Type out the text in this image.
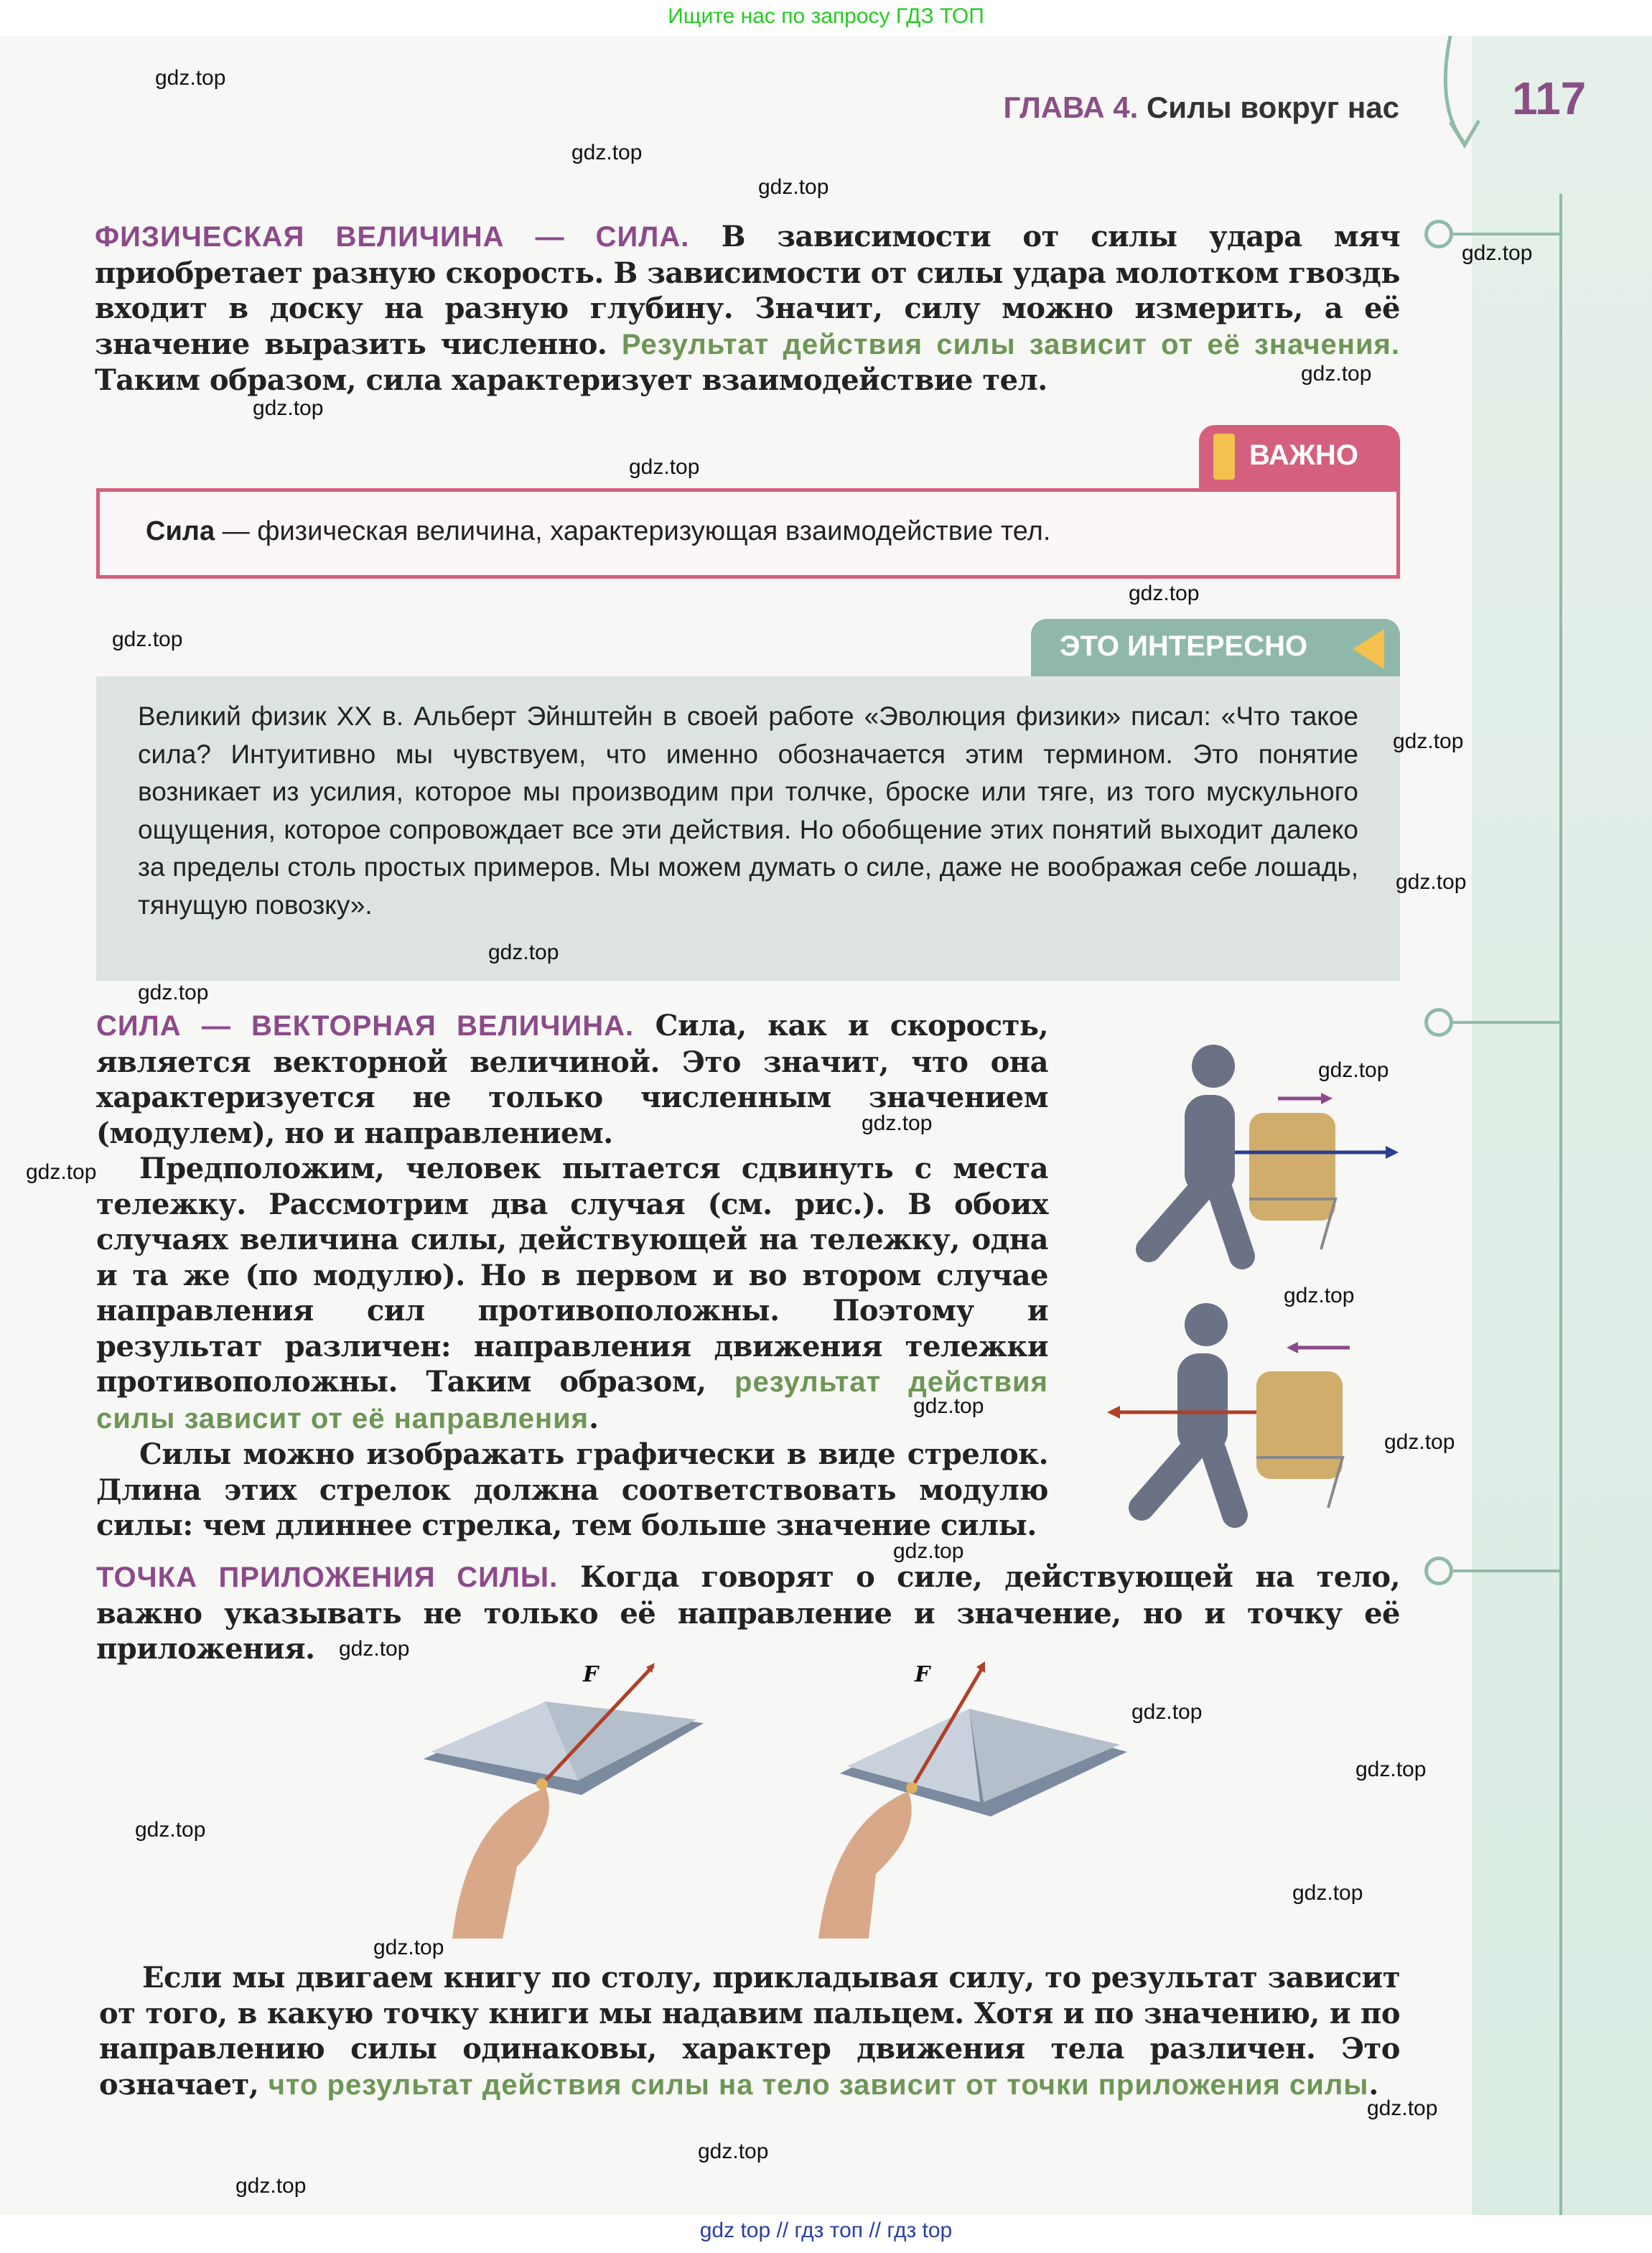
Ищите нас по запросу ГДЗ ТОП
ГЛАВА 4. Силы вокруг нас 117
ФИЗИЧЕСКАЯ ВЕЛИЧИНА — СИЛА. В зависимости от силы удара мяч приобретает разную скорость. В зависимости от силы удара молотком гвоздь входит в доску на разную глубину. Значит, силу можно измерить, а её значение выразить численно. Результат действия силы зависит от её значения. Таким образом, сила характеризует взаимодействие тел.
ВАЖНО
Сила — физическая величина, характеризующая взаимодействие тел.
ЭТО ИНТЕРЕСНО
Великий физик XX в. Альберт Эйнштейн в своей работе «Эволюция физики» писал: «Что такое сила? Интуитивно мы чувствуем, что именно обозначается этим термином. Это понятие возникает из усилия, которое мы производим при толчке, броске или тяге, из того мускульного ощущения, которое сопровождает все эти действия. Но обобщение этих понятий выходит далеко за пределы столь простых примеров. Мы можем думать о силе, даже не воображая себе лошадь, тянущую повозку».
СИЛА — ВЕКТОРНАЯ ВЕЛИЧИНА. Сила, как и скорость, является векторной величиной. Это значит, что она характеризуется не только численным значением (модулем), но и направлением.
Предположим, человек пытается сдвинуть с места тележку. Рассмотрим два случая (см. рис.). В обоих случаях величина силы, действующей на тележку, одна и та же (по модулю). Но в первом и во втором случае направления сил противоположны. Поэтому и результат различен: направления движения тележки противоположны. Таким образом, результат действия силы зависит от её направления.
Силы можно изображать графически в виде стрелок. Длина этих стрелок должна соответствовать модулю силы: чем длиннее стрелка, тем больше значение силы.
ТОЧКА ПРИЛОЖЕНИЯ СИЛЫ. Когда говорят о силе, действующей на тело, важно указывать не только её направление и значение, но и точку её приложения.
F	F
Если мы двигаем книгу по столу, прикладывая силу, то результат зависит от того, в какую точку книги мы надавим пальцем. Хотя и по значению, и по направлению силы одинаковы, характер движения тела различен. Это означает, что результат действия силы на тело зависит от точки приложения силы.
gdz.top
gdz.top
gdz.top
gdz.top
gdz.top
gdz.top
gdz.top
gdz.top
gdz.top
gdz.top
gdz.top
gdz.top
gdz.top
gdz.top
gdz.top
gdz.top
gdz.top
gdz.top
gdz.top
gdz.top
gdz.top
gdz.top
gdz.top
gdz.top
gdz.top
gdz.top
gdz.top
gdz.top
gdz.top
gdz top // гдз топ // гдз top
